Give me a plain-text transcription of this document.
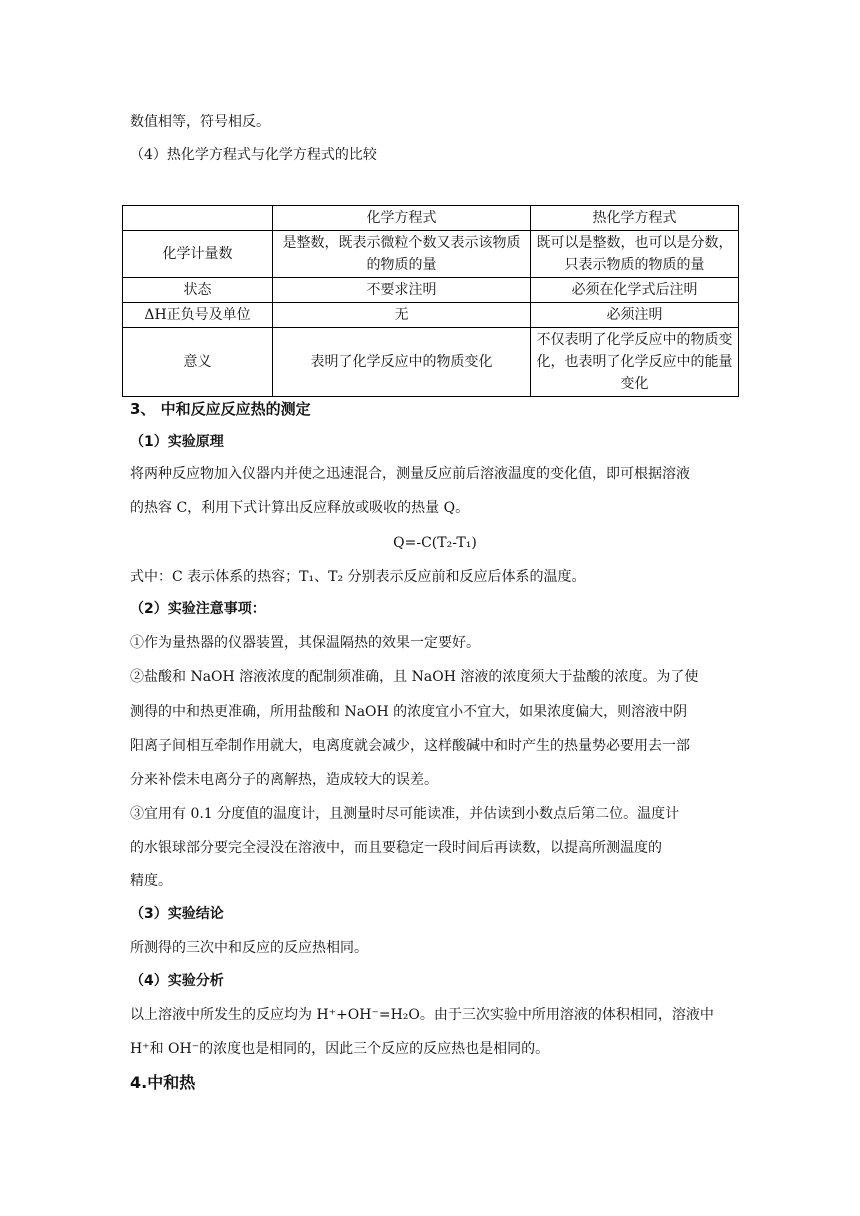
数值相等，符号相反。
（4）热化学方程式与化学方程式的比较
	化学方程式	热化学方程式
化学计量数	是整数，既表示微粒个数又表示该物质的物质的量	既可以是整数，也可以是分数，只表示物质的物质的量
状态	不要求注明	必须在化学式后注明
ΔH正负号及单位	无	必须注明
意义	表明了化学反应中的物质变化	不仅表明了化学反应中的物质变化，也表明了化学反应中的能量变化
3、 中和反应反应热的测定
（1）实验原理
将两种反应物加入仪器内并使之迅速混合，测量反应前后溶液温度的变化值，即可根据溶液
的热容 C，利用下式计算出反应释放或吸收的热量 Q。
Q=-C(T₂-T₁)
式中：C 表示体系的热容；T₁、T₂ 分别表示反应前和反应后体系的温度。
（2）实验注意事项：
①作为量热器的仪器装置，其保温隔热的效果一定要好。
②盐酸和 NaOH 溶液浓度的配制须准确，且 NaOH 溶液的浓度须大于盐酸的浓度。为了使
测得的中和热更准确，所用盐酸和 NaOH 的浓度宜小不宜大，如果浓度偏大，则溶液中阴
阳离子间相互牵制作用就大，电离度就会减少，这样酸碱中和时产生的热量势必要用去一部
分来补偿未电离分子的离解热，造成较大的误差。
③宜用有 0.1 分度值的温度计，且测量时尽可能读准，并估读到小数点后第二位。温度计
的水银球部分要完全浸没在溶液中，而且要稳定一段时间后再读数，以提高所测温度的
精度。
（3）实验结论
所测得的三次中和反应的反应热相同。
（4）实验分析
以上溶液中所发生的反应均为 H⁺+OH⁻=H₂O。由于三次实验中所用溶液的体积相同，溶液中
H⁺和 OH⁻的浓度也是相同的，因此三个反应的反应热也是相同的。
4.中和热
